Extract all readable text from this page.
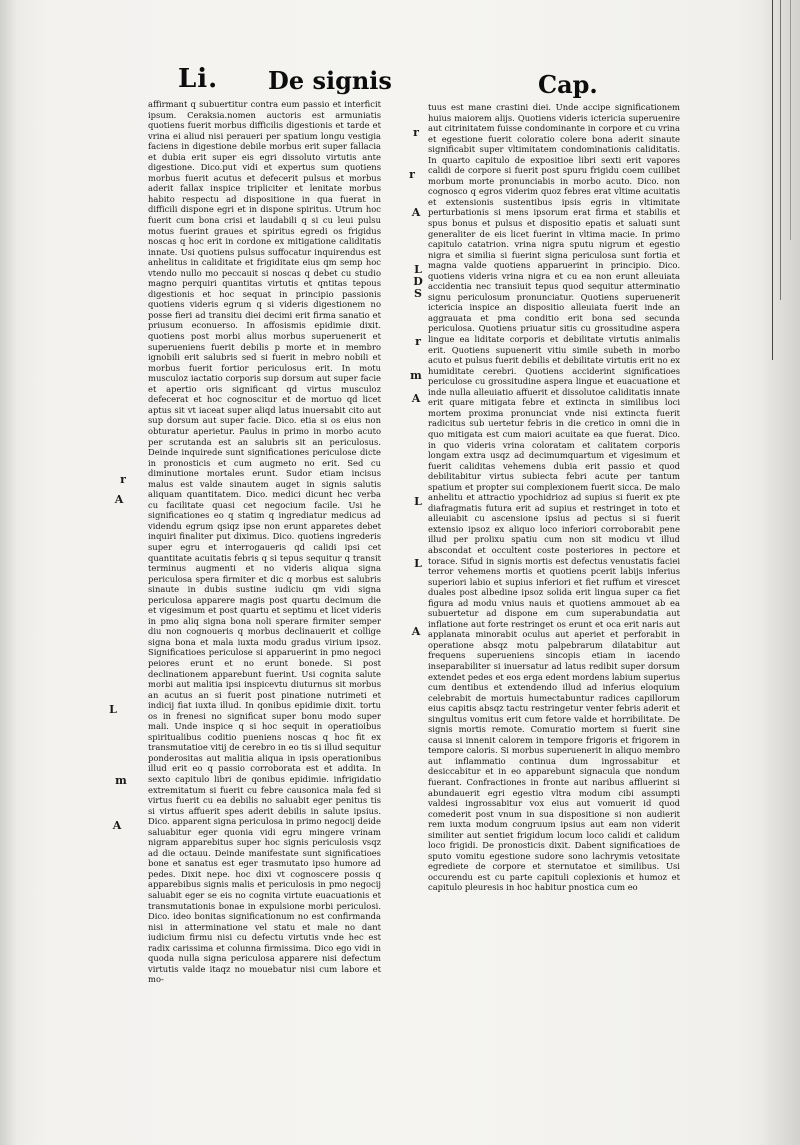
Li. De signis	Cap.

affirmant q subuertitur contra eum passio et interficit ipsum. Ceraksia.nomen auctoris est armuniatis quotiens fuerit morbus difficilis digestionis et tarde et vrina ei aliud nisi peraueri per spatium longu vestigia faciens in digestione debile morbus erit super fallacia et dubia erit super eis egri dissoluto virtutis ante digestione. Dico.put vidi et expertus sum quotiens morbus fuerit acutus et defecerit pulsus et morbus aderit fallax inspice tripliciter et lenitate morbus habito respectu ad dispositione in qua fuerat in difficili dispone egri et in dispone spiritus. Utrum hoc fuerit cum bona crisi et laudabili q si cu leui pulsu motus fuerint graues et spiritus egredi os frigidus noscas q hoc erit in cordone ex mitigatione caliditatis innate. Usi quotiens pulsus suffocatur inquirendus est anhelitus in caliditate et frigiditate eius qm semp hoc vtendo nullo mo peccauit si noscas q debet cu studio magno perquiri quantitas virtutis et qntitas tepous digestionis et hoc sequat in principio passionis quotiens videris egrum q si videris digestionem no posse fieri ad transitu diei decimi erit firma sanatio et priusum econuerso. In affosismis epidimie dixit. quotiens post morbi alius morbus superuenerit et superueniens fuerit debilis p morte et in membro ignobili erit salubris sed si fuerit in mebro nobili et morbus fuerit fortior periculosus erit. In motu musculoz iactatio corporis sup dorsum aut super facie et apertio oris significant qd virtus musculoz defecerat et hoc cognoscitur et de mortuo qd licet aptus sit vt iaceat super aliqd latus inuersabit cito aut sup dorsum aut super facie. Dico. etia si os eius non obturatur aperietur. Paulus in primo in morbo acuto per scrutanda est an salubris sit an periculosus. Deinde inquirede sunt significationes periculose dicte in pronosticis et cum augmeto no erit. Sed cu diminutione mortales erunt. Sudor etiam incisus malus est valde sinautem auget in signis salutis aliquam quantitatem. Dico. medici dicunt hec verba cu facilitate quasi cet negocium facile. Usi he significationes eo q statim q ingrediatur medicus ad videndu egrum qsiqz ipse non erunt apparetes debet inquiri finaliter put diximus. Dico. quotiens ingrederis super egru et interrogaueris qd calidi ipsi cet quantitate acuitatis febris q si tepus sequitur q transit terminus augmenti et no videris aliqua signa periculosa spera firmiter et dic q morbus est salubris sinaute in dubis sustine iudiciu qm vidi signa periculosa apparere magis post quartu decimum die et vigesimum et post quartu et septimu et licet videris in pmo aliq signa bona noli sperare firmiter semper diu non cognoueris q morbus declinauerit et collige signa bona et mala iuxta modu gradus virium ipsoz. Significatioes periculose si apparuerint in pmo negoci peiores erunt et no erunt bonede. Si post declinationem apparebunt fuerint. Usi cognita salute morbi aut malitia ipsi inspicevtu diuturnus sit morbus an acutus an si fuerit post pinatione nutrimeti et indicij fiat iuxta illud. In qonibus epidimie dixit. tortu os in frenesi no significat super bonu modo super mali. Unde inspice q si hoc sequit in operatioibus spiritualibus coditio pueniens noscas q hoc fit ex transmutatioe vitij de cerebro in eo tis si illud sequitur ponderositas aut malitia aliqua in ipsis operationibus illud erit eo q passio corroborata est et addita. In sexto capitulo libri de qonibus epidimie. infrigidatio extremitatum si fuerit cu febre causonica mala fed si virtus fuerit cu ea debilis no saluabit eger penitus tis si virtus affuerit spes aderit debilis in salute ipsius. Dico. apparent signa periculosa in primo negocij deide saluabitur eger quonia vidi egru mingere vrinam nigram apparebitus super hoc signis periculosis vsqz ad die octauu. Deinde manifestate sunt significatioes bone et sanatus est eger trasmutato ipso humore ad pedes. Dixit nepe. hoc dixi vt cognoscere possis q apparebibus signis malis et periculosis in pmo negocij saluabit eger se eis no cognita virtute euacuationis et transmutationis bonae in expulsione morbi periculosi. Dico. ideo bonitas significationum no est confirmanda nisi in atterminatione vel statu et male no dant iudicium firmu nisi cu defectu virtutis vnde hec est radix carissima et colunna firmissima. Dico ego vidi in quoda nulla signa periculosa apparere nisi defectum virtutis valde itaqz no mouebatur nisi cum labore et mo-

tuus est mane crastini diei. Unde accipe significationem huius maiorem alijs. Quotiens videris ictericia superuenire aut citrinitatem fuisse condominante in corpore et cu vrina et egestione fuerit coloratio colere bona aderit sinaute significabit super vltimitatem condominationis caliditatis. In quarto capitulo de expositioe libri sexti erit vapores calidi de corpore si fuerit post spuru frigidu coem cuilibet morbum morte pronunciabis in morbo acuto. Dico. non cognosco q egros viderim quoz febres erat vltime acuitatis et extensionis sustentibus ipsis egris in vltimitate perturbationis si mens ipsorum erat firma et stabilis et spus bonus et pulsus et dispositio epatis et saluati sunt generaliter de eis licet fuerint in vltima macie. In primo capitulo catatrion. vrina nigra sputu nigrum et egestio nigra et similia si fuerint signa periculosa sunt fortia et magna valde quotiens apparuerint in principio. Dico. quotiens videris vrina nigra et cu ea non erunt alleuiata accidentia nec transiuit tepus quod sequitur atterminatio signu periculosum pronunciatur. Quotiens superuenerit ictericia inspice an dispositio alleuiata fuerit inde an aggrauata et pma conditio erit bona sed secunda periculosa. Quotiens priuatur sitis cu grossitudine aspera lingue ea liditate corporis et debilitate virtutis animalis erit. Quotiens supuenerit vitiu simile subeth in morbo acuto et pulsus fuerit debilis et debilitate virtutis erit no ex humiditate cerebri. Quotiens acciderint significatioes periculose cu grossitudine aspera lingue et euacuatione et inde nulla alleuiatio affuerit et dissolutoe caliditatis innate erit quare mitigata febre et extincta in similibus loci mortem proxima pronunciat vnde nisi extincta fuerit radicitus sub uertetur febris in die cretico in omni die in quo mitigata est cum maiori acuitate ea que fuerat. Dico. in quo videris vrina coloratam et calitatem corporis longam extra usqz ad decimumquartum et vigesimum et fuerit caliditas vehemens dubia erit passio et quod debilitabitur virtus subiecta febri acute per tantum spatium et propter sui complexionem fuerit sicca. De malo anhelitu et attractio ypochidrioz ad supius si fuerit ex pte diafragmatis futura erit ad supius et restringet in toto et alleuiabit cu ascensione ipsius ad pectus si si fuerit extensio ipsoz ex aliquo loco inferiori corroborabit pene illud per prolixu spatiu cum non sit modicu vt illud abscondat et occultent coste posteriores in pectore et torace. Sifud in signis mortis est defectus venustatis faciei terror vehemens mortis et quotiens pcerit labijs inferius superiori labio et supius inferiori et fiet ruffum et virescet duales post albedine ipsoz solida erit lingua super ca fiet figura ad modu vnius nauis et quotiens ammouet ab ea subuertetur ad dispone em cum superabundatia aut inflatione aut forte restringet os erunt et oca erit naris aut applanata minorabit oculus aut aperiet et perforabit in operatione absqz motu palpebrarum dilatabitur aut frequens superueniens sincopis etiam in iacendo inseparabiliter si inuersatur ad latus redibit super dorsum extendet pedes et eos erga edent mordens labium superius cum dentibus et extendendo illud ad inferius eloquium celebrabit de mortuis humectabuntur radices capillorum eius capitis absqz tactu restringetur venter febris aderit et singultus vomitus erit cum fetore valde et horribilitate. De signis mortis remote. Comuratio mortem si fuerit sine causa si innenit calorem in tempore frigoris et frigorem in tempore caloris. Si morbus superuenerit in aliquo membro aut inflammatio continua dum ingrossabitur et desiccabitur et in eo apparebunt signacula que nondum fuerant. Confractiones in fronte aut naribus affluerint si abundauerit egri egestio vltra modum cibi assumpti valdesi ingrossabitur vox eius aut vomuerit id quod comederit post vnum in sua dispositione si non audierit rem iuxta modum congruum ipsius aut eam non viderit similiter aut sentiet frigidum locum loco calidi et calidum loco frigidi. De pronosticis dixit. Dabent significatioes de sputo vomitu egestione sudore sono lachrymis vetositate egrediete de corpore et sternutatoe et similibus. Usi occurendu est cu parte capituli coplexionis et humoz et capitulo pleuresis in hoc habitur pnostica cum eo

r
A
L
m
A
r
r
A
L
D
S
r
m
A
L
L
A
